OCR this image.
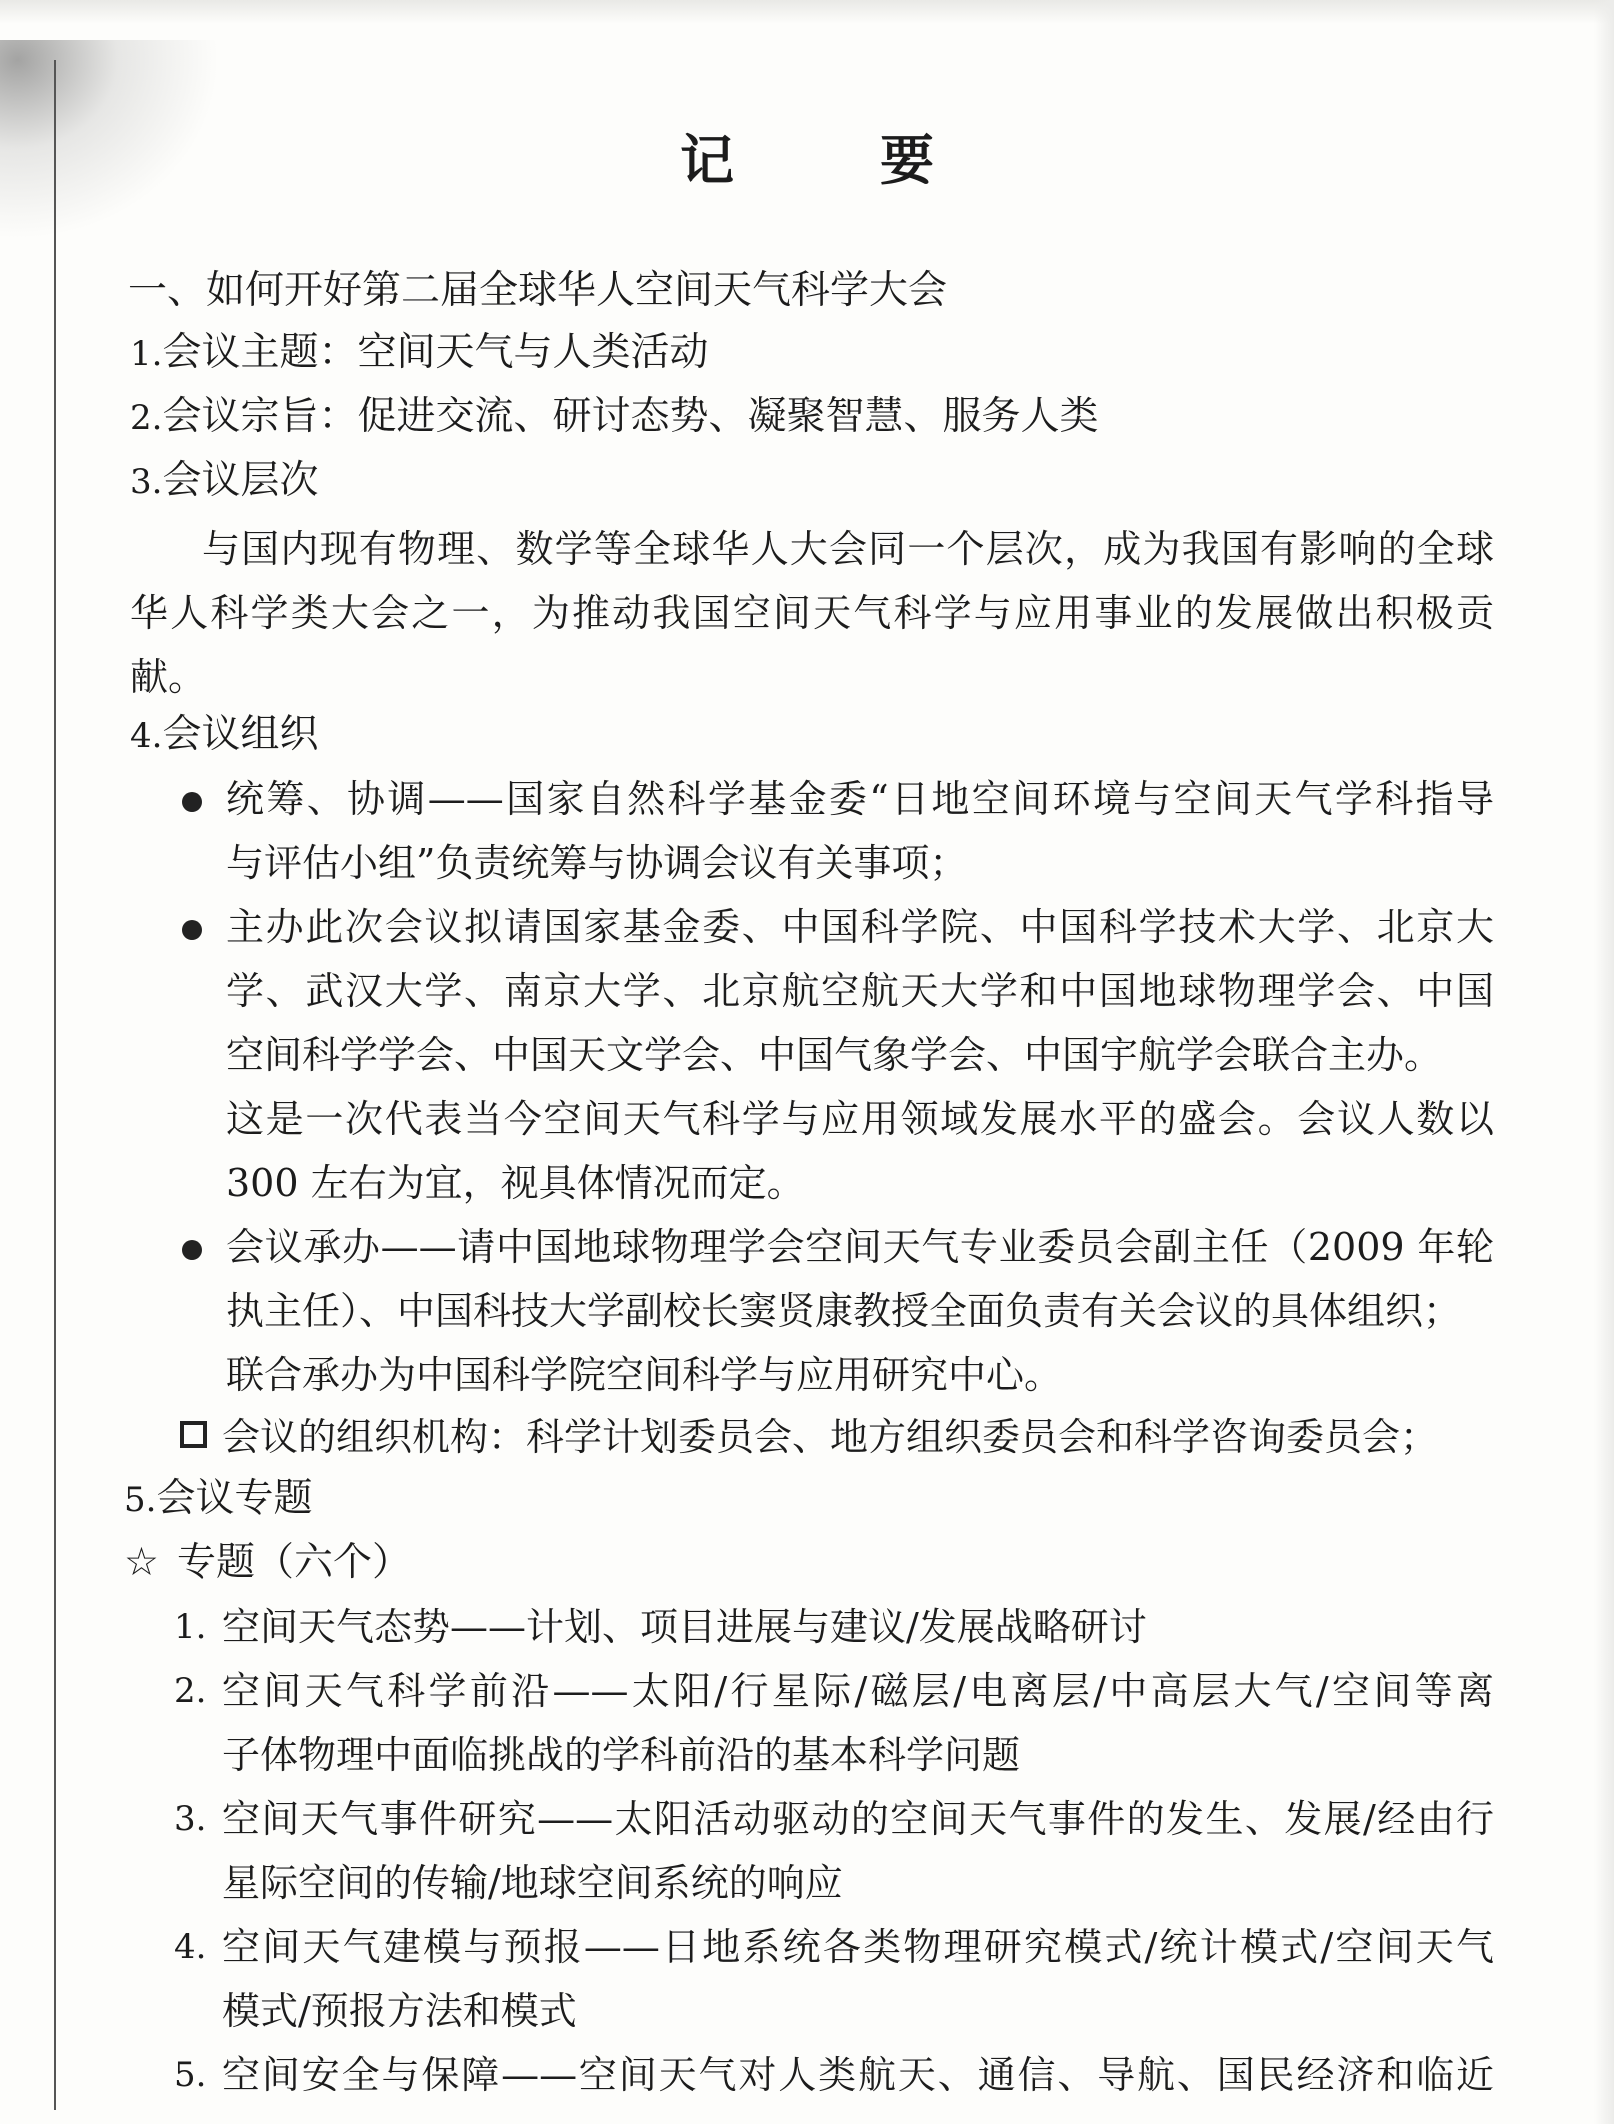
记　要
一、如何开好第二届全球华人空间天气科学大会
1.会议主题：空间天气与人类活动
2.会议宗旨：促进交流、研讨态势、凝聚智慧、服务人类
3.会议层次
与国内现有物理、数学等全球华人大会同一个层次，成为我国有影响的全球
华人科学类大会之一，为推动我国空间天气科学与应用事业的发展做出积极贡
献。
4.会议组织
统筹、协调——国家自然科学基金委“日地空间环境与空间天气学科指导
与评估小组”负责统筹与协调会议有关事项；
主办此次会议拟请国家基金委、中国科学院、中国科学技术大学、北京大
学、武汉大学、南京大学、北京航空航天大学和中国地球物理学会、中国
空间科学学会、中国天文学会、中国气象学会、中国宇航学会联合主办。
这是一次代表当今空间天气科学与应用领域发展水平的盛会。会议人数以
300 左右为宜，视具体情况而定。
会议承办——请中国地球物理学会空间天气专业委员会副主任（2009 年轮
执主任）、中国科技大学副校长窦贤康教授全面负责有关会议的具体组织；
联合承办为中国科学院空间科学与应用研究中心。
会议的组织机构：科学计划委员会、地方组织委员会和科学咨询委员会；
5.会议专题
☆ 专题（六个）
1. 空间天气态势——计划、项目进展与建议/发展战略研讨
2. 空间天气科学前沿——太阳/行星际/磁层/电离层/中高层大气/空间等离
子体物理中面临挑战的学科前沿的基本科学问题
3. 空间天气事件研究——太阳活动驱动的空间天气事件的发生、发展/经由行
星际空间的传输/地球空间系统的响应
4. 空间天气建模与预报——日地系统各类物理研究模式/统计模式/空间天气
模式/预报方法和模式
5. 空间安全与保障——空间天气对人类航天、通信、导航、国民经济和临近
